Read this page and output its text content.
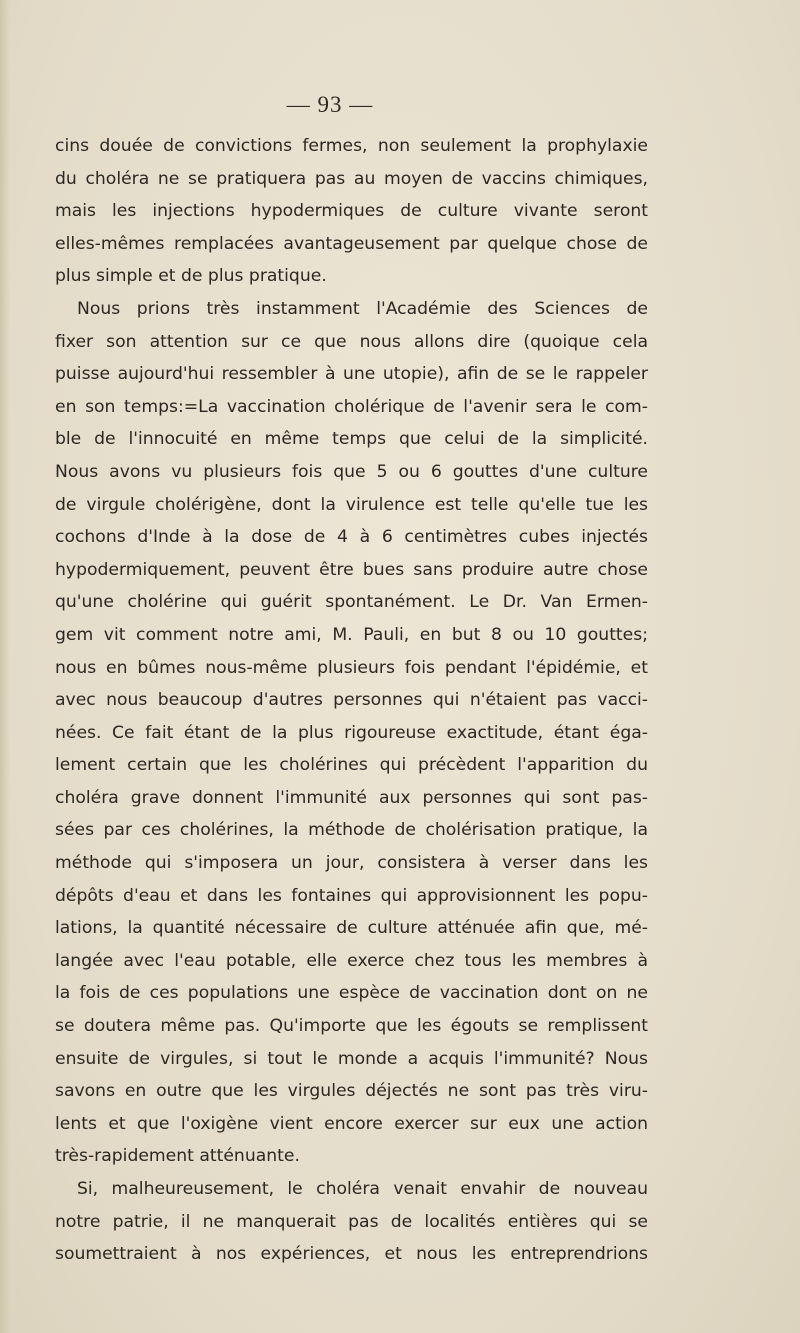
— 93 —
cins douée de convictions fermes, non seulement la prophylaxie
du choléra ne se pratiquera pas au moyen de vaccins chimiques,
mais les injections hypodermiques de culture vivante seront
elles-mêmes remplacées avantageusement par quelque chose de
plus simple et de plus pratique.
Nous prions très instamment l'Académie des Sciences de
fixer son attention sur ce que nous allons dire (quoique cela
puisse aujourd'hui ressembler à une utopie), afin de se le rappeler
en son temps:=La vaccination cholérique de l'avenir sera le com-
ble de l'innocuité en même temps que celui de la simplicité.
Nous avons vu plusieurs fois que 5 ou 6 gouttes d'une culture
de virgule cholérigène, dont la virulence est telle qu'elle tue les
cochons d'Inde à la dose de 4 à 6 centimètres cubes injectés
hypodermiquement, peuvent être bues sans produire autre chose
qu'une cholérine qui guérit spontanément. Le Dr. Van Ermen-
gem vit comment notre ami, M. Pauli, en but 8 ou 10 gouttes;
nous en bûmes nous-même plusieurs fois pendant l'épidémie, et
avec nous beaucoup d'autres personnes qui n'étaient pas vacci-
nées. Ce fait étant de la plus rigoureuse exactitude, étant éga-
lement certain que les cholérines qui précèdent l'apparition du
choléra grave donnent l'immunité aux personnes qui sont pas-
sées par ces cholérines, la méthode de cholérisation pratique, la
méthode qui s'imposera un jour, consistera à verser dans les
dépôts d'eau et dans les fontaines qui approvisionnent les popu-
lations, la quantité nécessaire de culture atténuée afin que, mé-
langée avec l'eau potable, elle exerce chez tous les membres à
la fois de ces populations une espèce de vaccination dont on ne
se doutera même pas. Qu'importe que les égouts se remplissent
ensuite de virgules, si tout le monde a acquis l'immunité? Nous
savons en outre que les virgules déjectés ne sont pas très viru-
lents et que l'oxigène vient encore exercer sur eux une action
très-rapidement atténuante.
Si, malheureusement, le choléra venait envahir de nouveau
notre patrie, il ne manquerait pas de localités entières qui se
soumettraient à nos expériences, et nous les entreprendrions
